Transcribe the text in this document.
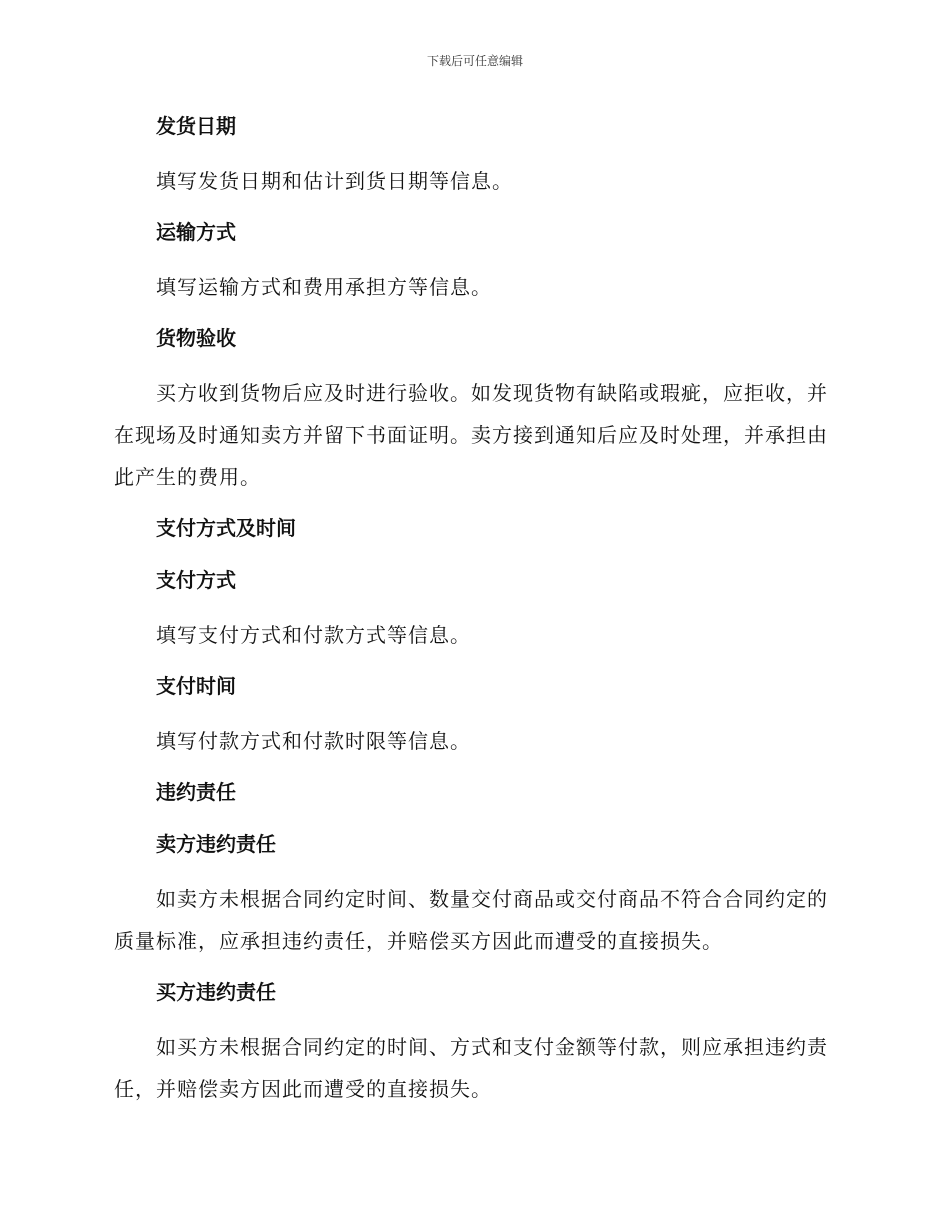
下载后可任意编辑
发货日期
填写发货日期和估计到货日期等信息。
运输方式
填写运输方式和费用承担方等信息。
货物验收
买方收到货物后应及时进行验收。如发现货物有缺陷或瑕疵，应拒收，并在现场及时通知卖方并留下书面证明。卖方接到通知后应及时处理，并承担由此产生的费用。
支付方式及时间
支付方式
填写支付方式和付款方式等信息。
支付时间
填写付款方式和付款时限等信息。
违约责任
卖方违约责任
如卖方未根据合同约定时间、数量交付商品或交付商品不符合合同约定的质量标准，应承担违约责任，并赔偿买方因此而遭受的直接损失。
买方违约责任
如买方未根据合同约定的时间、方式和支付金额等付款，则应承担违约责任，并赔偿卖方因此而遭受的直接损失。
